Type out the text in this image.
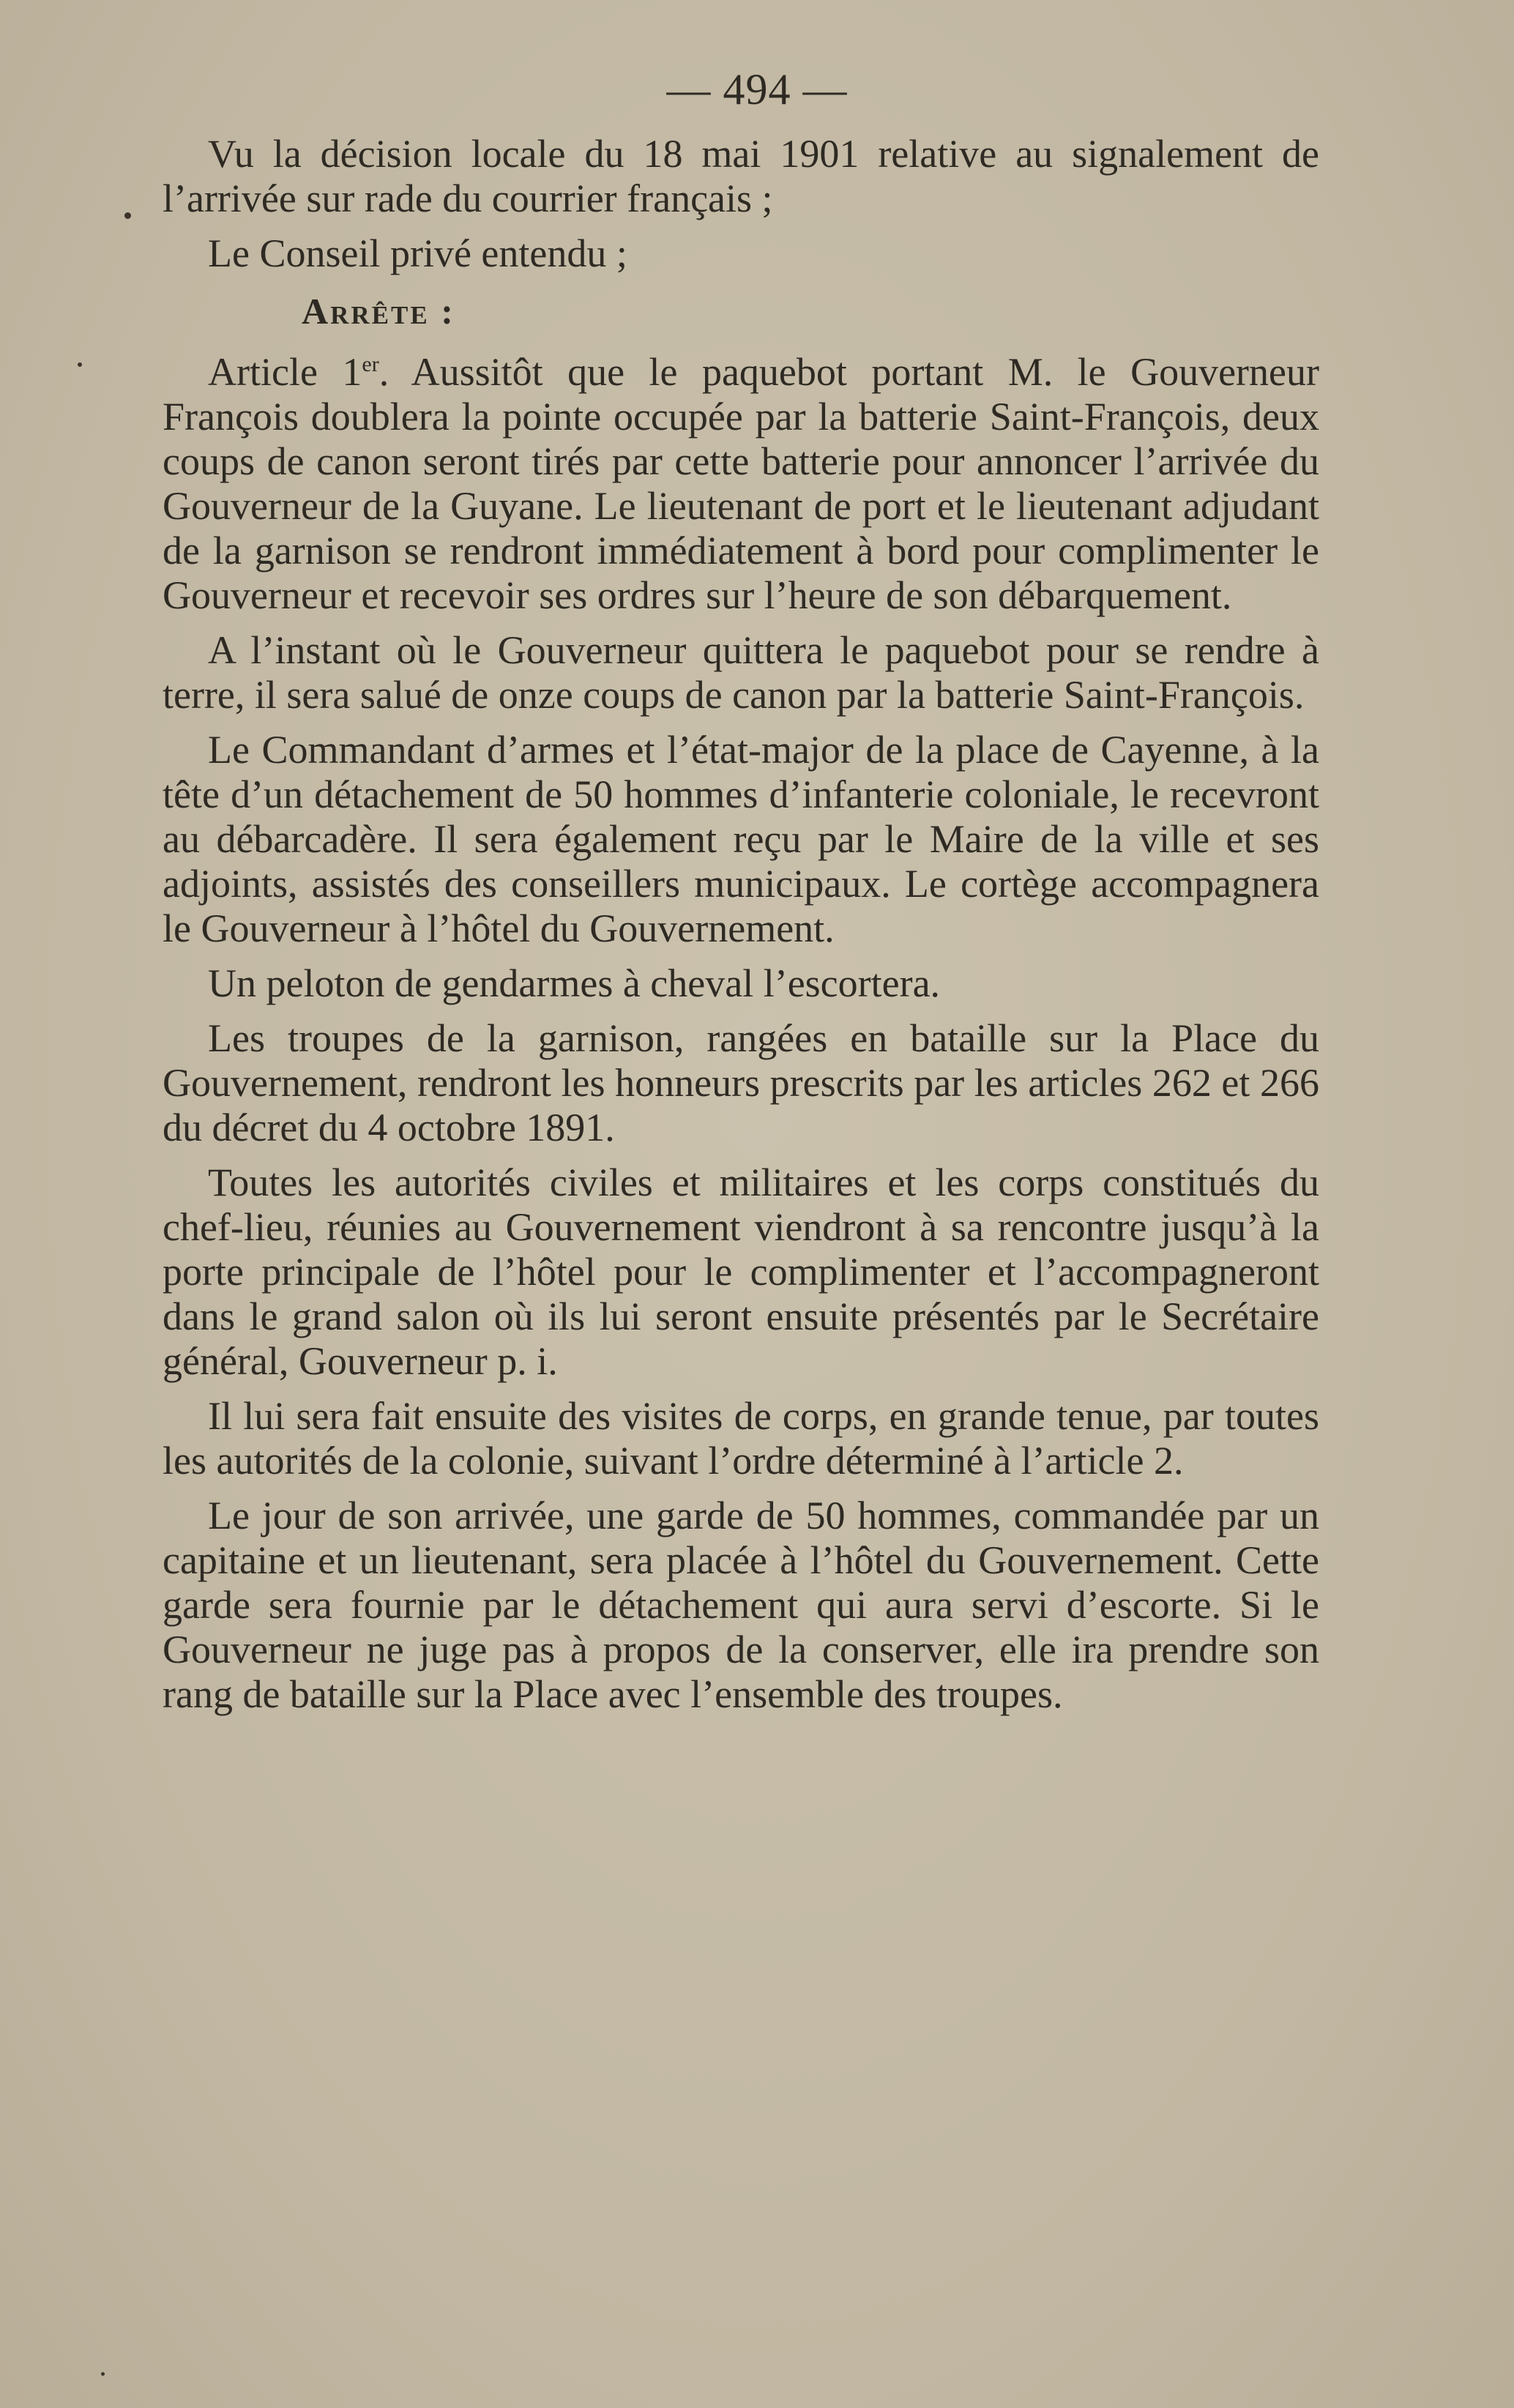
— 494 —

Vu la décision locale du 18 mai 1901 relative au signalement de l’arrivée sur rade du courrier français ;

Le Conseil privé entendu ;

Arrête :

Article 1er. Aussitôt que le paquebot portant M. le Gouverneur François doublera la pointe occupée par la batterie Saint-François, deux coups de canon seront tirés par cette batterie pour annoncer l’arrivée du Gouverneur de la Guyane. Le lieutenant de port et le lieutenant adjudant de la garnison se rendront immédiatement à bord pour complimenter le Gouverneur et recevoir ses ordres sur l’heure de son débarquement.

A l’instant où le Gouverneur quittera le paquebot pour se rendre à terre, il sera salué de onze coups de canon par la batterie Saint-François.

Le Commandant d’armes et l’état-major de la place de Cayenne, à la tête d’un détachement de 50 hommes d’infanterie coloniale, le recevront au débarcadère. Il sera également reçu par le Maire de la ville et ses adjoints, assistés des conseillers municipaux. Le cortège accompagnera le Gouverneur à l’hôtel du Gouvernement.

Un peloton de gendarmes à cheval l’escortera.

Les troupes de la garnison, rangées en bataille sur la Place du Gouvernement, rendront les honneurs prescrits par les articles 262 et 266 du décret du 4 octobre 1891.

Toutes les autorités civiles et militaires et les corps constitués du chef-lieu, réunies au Gouvernement viendront à sa rencontre jusqu’à la porte principale de l’hôtel pour le complimenter et l’accompagneront dans le grand salon où ils lui seront ensuite présentés par le Secrétaire général, Gouverneur p. i.

Il lui sera fait ensuite des visites de corps, en grande tenue, par toutes les autorités de la colonie, suivant l’ordre déterminé à l’article 2.

Le jour de son arrivée, une garde de 50 hommes, commandée par un capitaine et un lieutenant, sera placée à l’hôtel du Gouvernement. Cette garde sera fournie par le détachement qui aura servi d’escorte. Si le Gouverneur ne juge pas à propos de la conserver, elle ira prendre son rang de bataille sur la Place avec l’ensemble des troupes.
